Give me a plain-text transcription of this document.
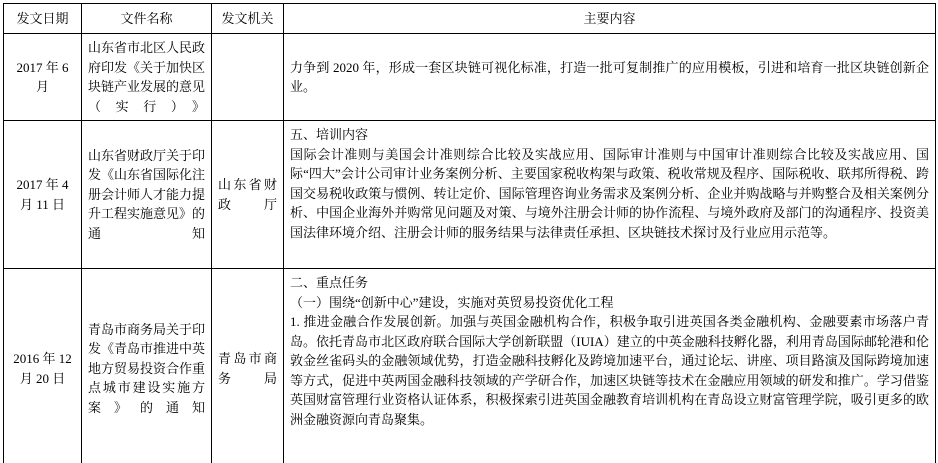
发文日期	文件名称	发文机关	主要内容
2017 年 6 月	山东省市北区人民政府印发《关于加快区块链产业发展的意见（实行）》		力争到 2020 年，形成一套区块链可视化标准，打造一批可复制推广的应用模板，引进和培育一批区块链创新企业。

2017 年 4 月 11 日	山东省财政厅关于印发《山东省国际化注册会计师人才能力提升工程实施意见》的通知	山东省财政厅	五、培训内容

国际会计准则与美国会计准则综合比较及实战应用、国际审计准则与中国审计准则综合比较及实战应用、国际“四大”会计公司审计业务案例分析、主要国家税收构架与政策、税收常规及程序、国际税收、联邦所得税、跨国交易税收政策与惯例、转让定价、国际管理咨询业务需求及案例分析、企业并购战略与并购整合及相关案例分析、中国企业海外并购常见问题及对策、与境外注册会计师的协作流程、与境外政府及部门的沟通程序、投资美国法律环境介绍、注册会计师的服务结果与法律责任承担、区块链技术探讨及行业应用示范等。

2016 年 12 月 20 日	青岛市商务局关于印发《青岛市推进中英地方贸易投资合作重点城市建设实施方案》的通知	青岛市商务局	二、重点任务

（一）围绕“创新中心”建设，实施对英贸易投资优化工程

1. 推进金融合作发展创新。加强与英国金融机构合作，积极争取引进英国各类金融机构、金融要素市场落户青岛。依托青岛市北区政府联合国际大学创新联盟（IUIA）建立的中英金融科技孵化器，利用青岛国际邮轮港和伦敦金丝雀码头的金融领域优势，打造金融科技孵化及跨境加速平台，通过论坛、讲座、项目路演及国际跨境加速等方式，促进中英两国金融科技领域的产学研合作，加速区块链等技术在金融应用领域的研发和推广。学习借鉴英国财富管理行业资格认证体系，积极探索引进英国金融教育培训机构在青岛设立财富管理学院，吸引更多的欧洲金融资源向青岛聚集。
